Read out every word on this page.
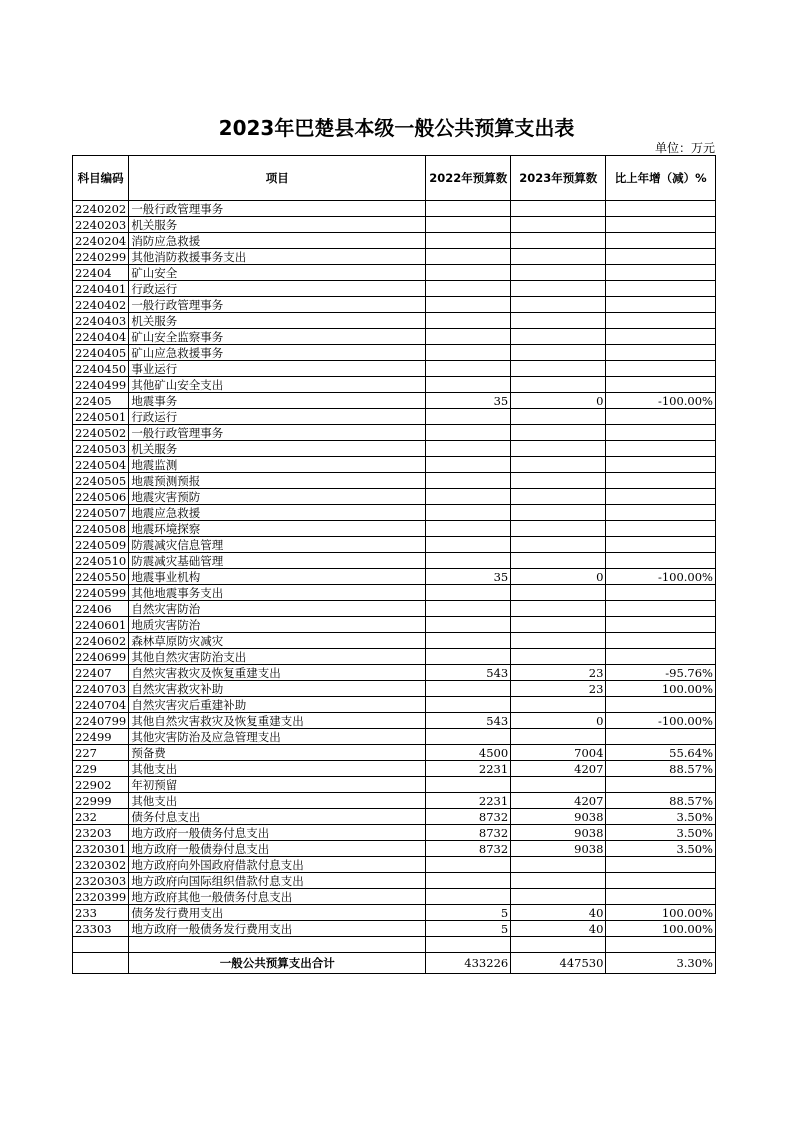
2023年巴楚县本级一般公共预算支出表
单位：万元
科目编码	项目	2022年预算数	2023年预算数	比上年增（减）%
2240202	一般行政管理事务			
2240203	机关服务			
2240204	消防应急救援			
2240299	其他消防救援事务支出			
22404	矿山安全			
2240401	行政运行			
2240402	一般行政管理事务			
2240403	机关服务			
2240404	矿山安全监察事务			
2240405	矿山应急救援事务			
2240450	事业运行			
2240499	其他矿山安全支出			
22405	地震事务	35	0	-100.00%
2240501	行政运行			
2240502	一般行政管理事务			
2240503	机关服务			
2240504	地震监测			
2240505	地震预测预报			
2240506	地震灾害预防			
2240507	地震应急救援			
2240508	地震环境探察			
2240509	防震减灾信息管理			
2240510	防震减灾基础管理			
2240550	地震事业机构	35	0	-100.00%
2240599	其他地震事务支出			
22406	自然灾害防治			
2240601	地质灾害防治			
2240602	森林草原防灾减灾			
2240699	其他自然灾害防治支出			
22407	自然灾害救灾及恢复重建支出	543	23	-95.76%
2240703	自然灾害救灾补助		23	100.00%
2240704	自然灾害灾后重建补助			
2240799	其他自然灾害救灾及恢复重建支出	543	0	-100.00%
22499	其他灾害防治及应急管理支出			
227	预备费	4500	7004	55.64%
229	其他支出	2231	4207	88.57%
22902	年初预留			
22999	其他支出	2231	4207	88.57%
232	债务付息支出	8732	9038	3.50%
23203	地方政府一般债务付息支出	8732	9038	3.50%
2320301	地方政府一般债券付息支出	8732	9038	3.50%
2320302	地方政府向外国政府借款付息支出			
2320303	地方政府向国际组织借款付息支出			
2320399	地方政府其他一般债务付息支出			
233	债务发行费用支出	5	40	100.00%
23303	地方政府一般债务发行费用支出	5	40	100.00%

	一般公共预算支出合计	433226	447530	3.30%
